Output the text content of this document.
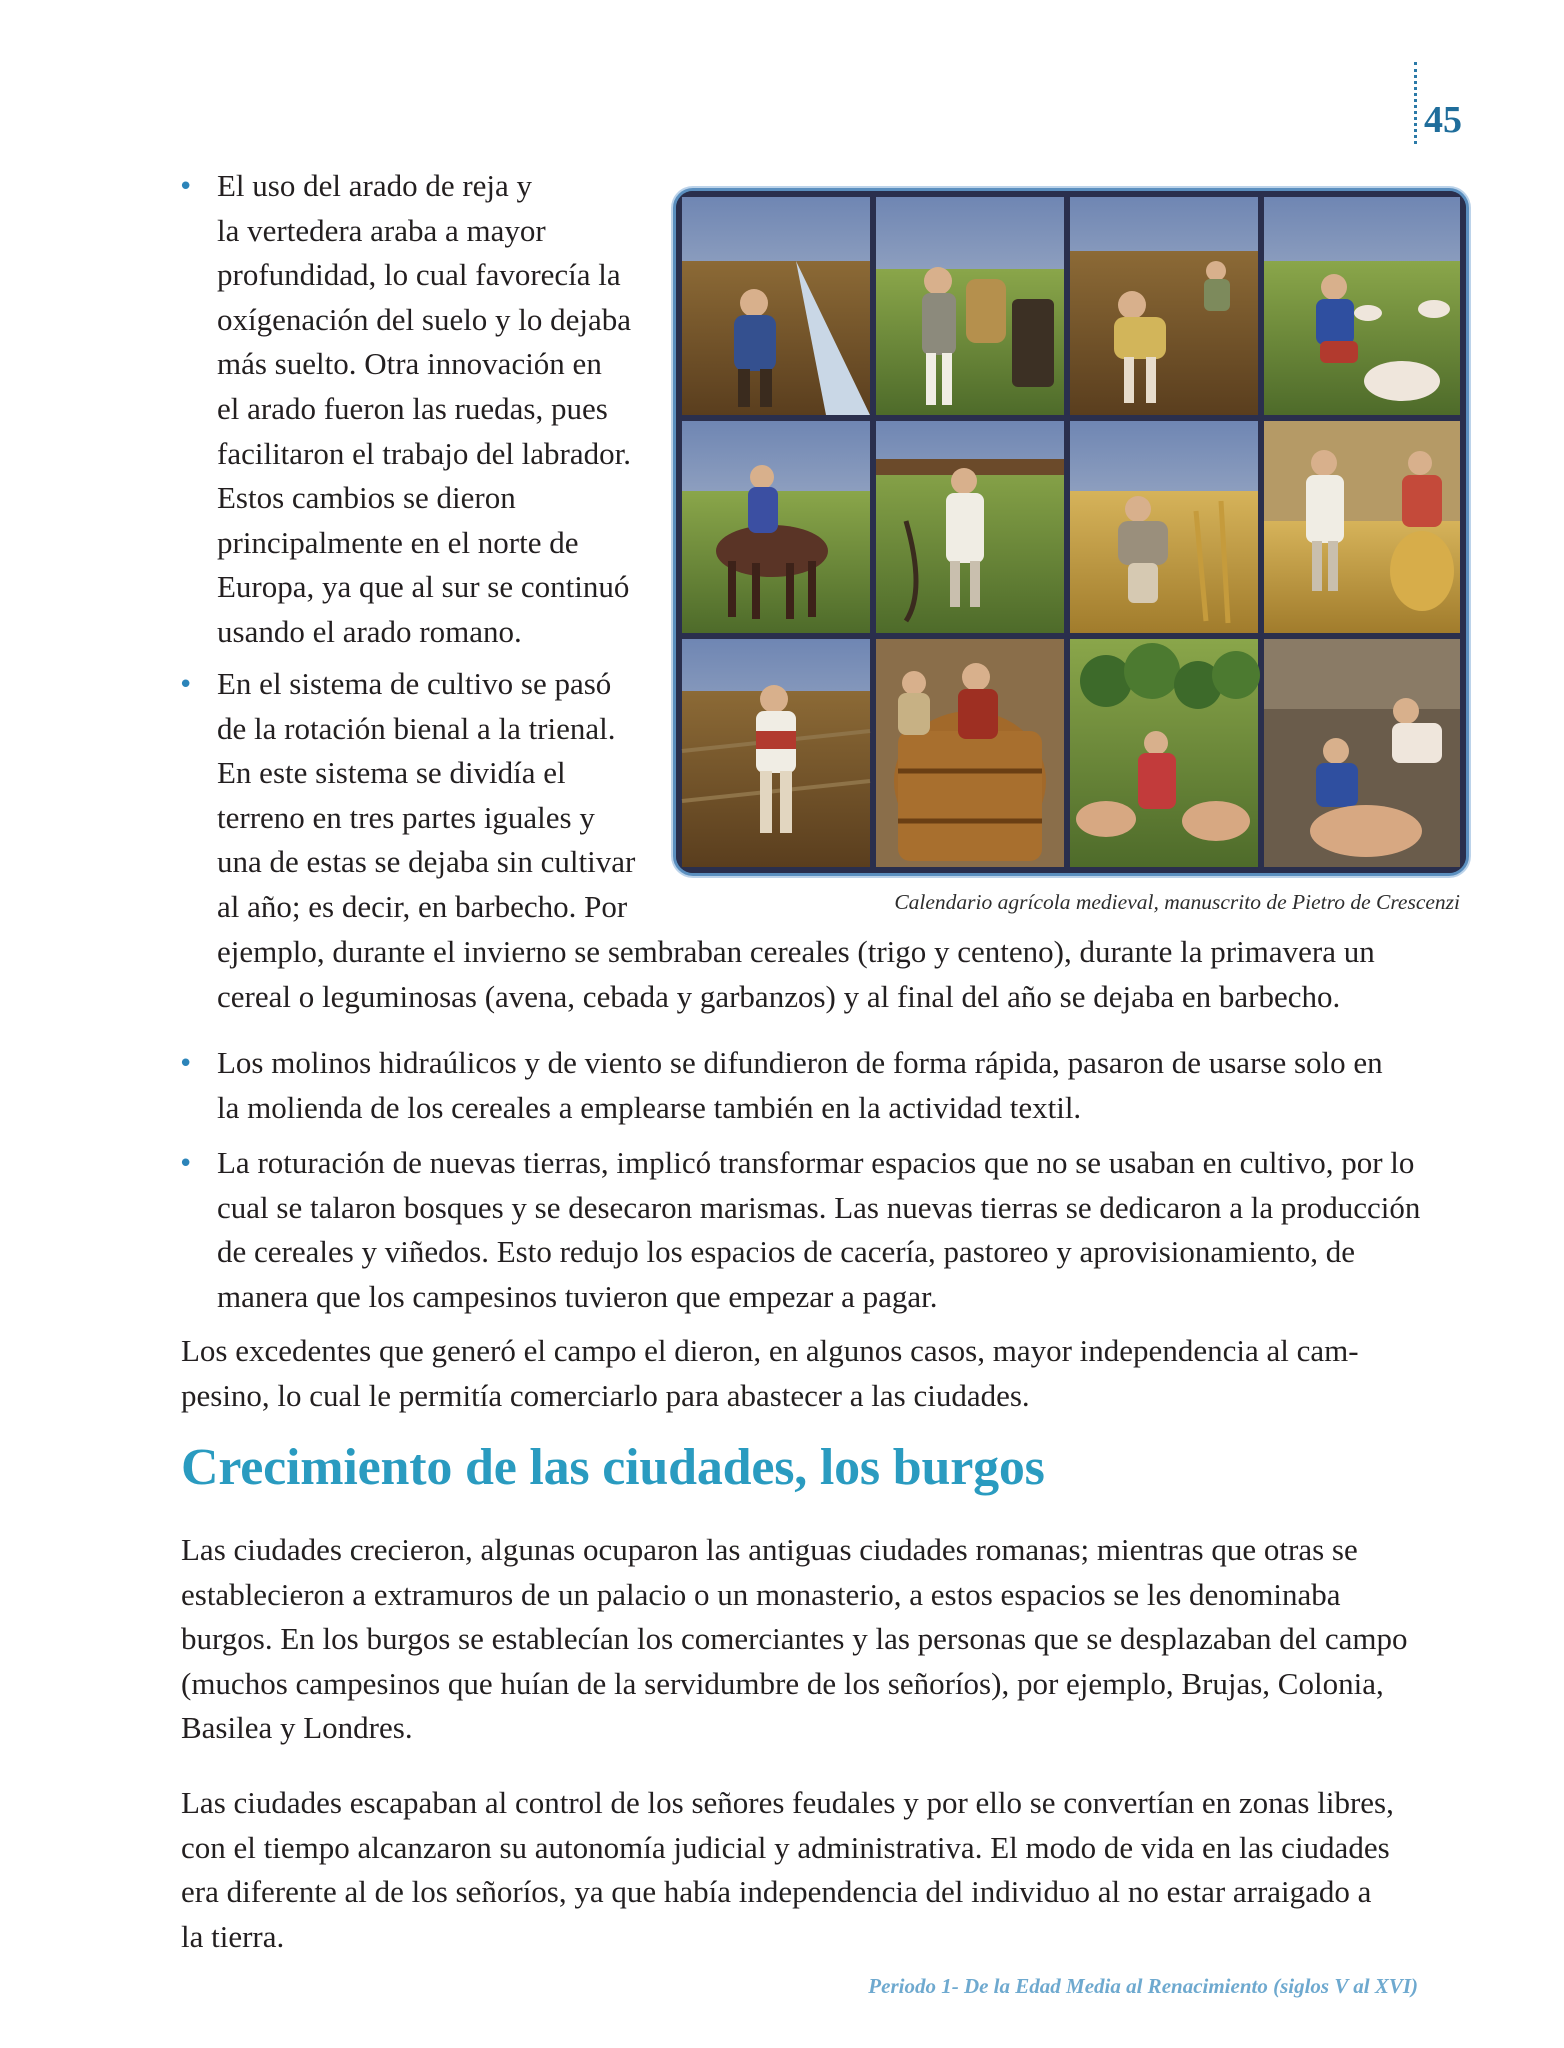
45
• El uso del arado de reja y
la vertedera araba a mayor
profundidad, lo cual favorecía la
oxígenación del suelo y lo dejaba
más suelto. Otra innovación en
el arado fueron las ruedas, pues
facilitaron el trabajo del labrador.
Estos cambios se dieron
principalmente en el norte de
Europa, ya que al sur se continuó
usando el arado romano.
• En el sistema de cultivo se pasó
de la rotación bienal a la trienal.
En este sistema se dividía el
terreno en tres partes iguales y
una de estas se dejaba sin cultivar
al año; es decir, en barbecho. Por
ejemplo, durante el invierno se sembraban cereales (trigo y centeno), durante la primavera un
cereal o leguminosas (avena, cebada y garbanzos) y al final del año se dejaba en barbecho.
• Los molinos hidraúlicos y de viento se difundieron de forma rápida, pasaron de usarse solo en
la molienda de los cereales a emplearse también en la actividad textil.
• La roturación de nuevas tierras, implicó transformar espacios que no se usaban en cultivo, por lo
cual se talaron bosques y se desecaron marismas. Las nuevas tierras se dedicaron a la producción
de cereales y viñedos. Esto redujo los espacios de cacería, pastoreo y aprovisionamiento, de
manera que los campesinos tuvieron que empezar a pagar.
Los excedentes que generó el campo el dieron, en algunos casos, mayor independencia al cam-
pesino, lo cual le permitía comerciarlo para abastecer a las ciudades.
Calendario agrícola medieval, manuscrito de Pietro de Crescenzi
Crecimiento de las ciudades, los burgos
Las ciudades crecieron, algunas ocuparon las antiguas ciudades romanas; mientras que otras se
establecieron a extramuros de un palacio o un monasterio, a estos espacios se les denominaba
burgos. En los burgos se establecían los comerciantes y las personas que se desplazaban del campo
(muchos campesinos que huían de la servidumbre de los señoríos), por ejemplo, Brujas, Colonia,
Basilea y Londres.
Las ciudades escapaban al control de los señores feudales y por ello se convertían en zonas libres,
con el tiempo alcanzaron su autonomía judicial y administrativa. El modo de vida en las ciudades
era diferente al de los señoríos, ya que había independencia del individuo al no estar arraigado a
la tierra.
Periodo 1- De la Edad Media al Renacimiento (siglos V al XVI)
